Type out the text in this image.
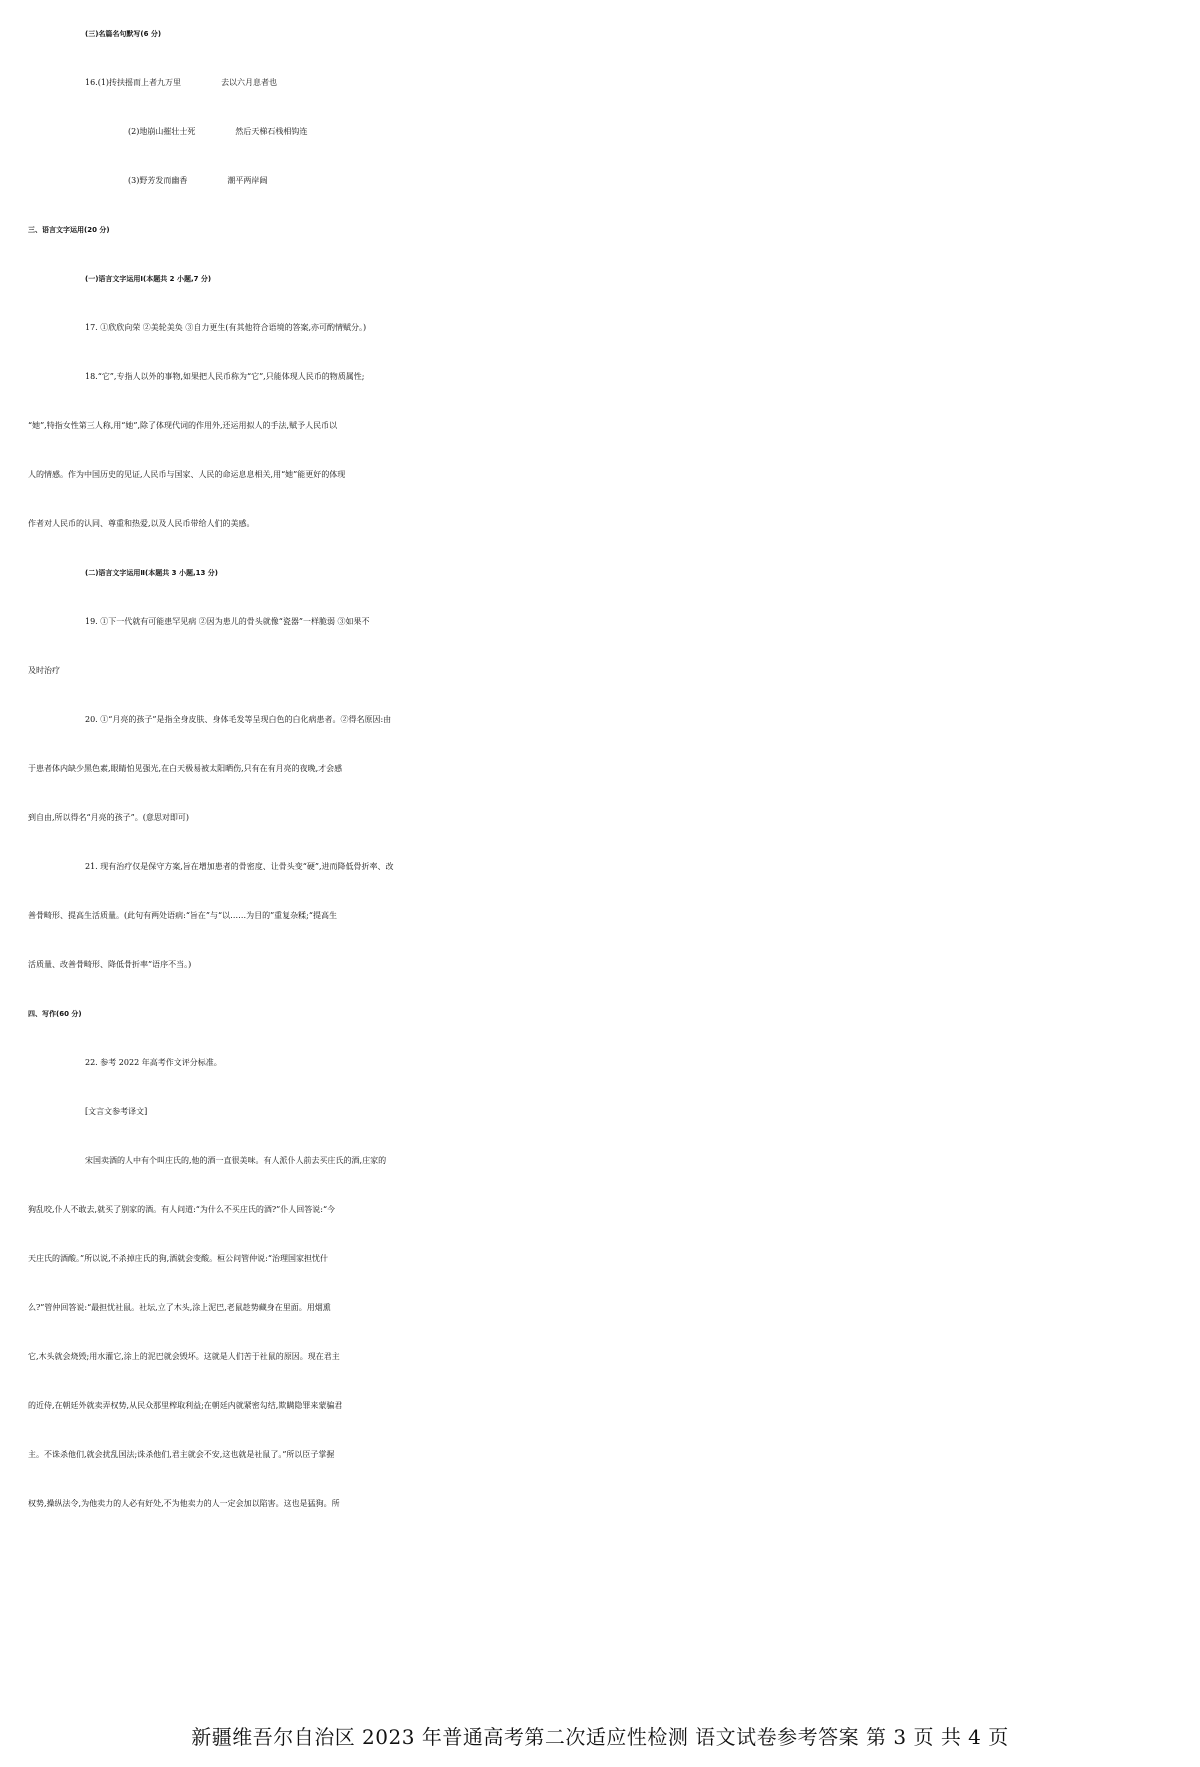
(三)名篇名句默写(6 分)
16.(1)抟扶摇而上者九万里	去以六月息者也
(2)地崩山摧壮士死	然后天梯石栈相钩连
(3)野芳发而幽香	潮平两岸阔
三、语言文字运用(20 分)
(一)语言文字运用Ⅰ(本题共 2 小题,7 分)
17. ①欣欣向荣 ②美轮美奂 ③自力更生(有其他符合语境的答案,亦可酌情赋分。)
18.“它”,专指人以外的事物,如果把人民币称为“它”,只能体现人民币的物质属性;
“她”,特指女性第三人称,用“她”,除了体现代词的作用外,还运用拟人的手法,赋予人民币以
人的情感。作为中国历史的见证,人民币与国家、人民的命运息息相关,用“她”能更好的体现
作者对人民币的认同、尊重和热爱,以及人民币带给人们的美感。
(二)语言文字运用Ⅱ(本题共 3 小题,13 分)
19. ①下一代就有可能患罕见病 ②因为患儿的骨头就像“瓷器”一样脆弱 ③如果不
及时治疗
20. ①“月亮的孩子”是指全身皮肤、身体毛发等呈现白色的白化病患者。②得名原因:由
于患者体内缺少黑色素,眼睛怕见强光,在白天极易被太阳晒伤,只有在有月亮的夜晚,才会感
到自由,所以得名“月亮的孩子”。(意思对即可)
21. 现有治疗仅是保守方案,旨在增加患者的骨密度、让骨头变“硬”,进而降低骨折率、改
善骨畸形、提高生活质量。(此句有两处语病:“旨在”与“以……为目的”重复杂糅;“提高生
活质量、改善骨畸形、降低骨折率”语序不当。)
四、写作(60 分)
22. 参考 2022 年高考作文评分标准。
[文言文参考译文]
宋国卖酒的人中有个叫庄氏的,他的酒一直很美味。有人派仆人前去买庄氏的酒,庄家的
狗乱咬,仆人不敢去,就买了别家的酒。有人问道:“为什么不买庄氏的酒?”仆人回答说:“今
天庄氏的酒酸。”所以说,不杀掉庄氏的狗,酒就会变酸。桓公问管仲说:“治理国家担忧什
么?”管仲回答说:“最担忧社鼠。社坛,立了木头,涂上泥巴,老鼠趁势藏身在里面。用烟熏
它,木头就会烧毁;用水灌它,涂上的泥巴就会毁坏。这就是人们苦于社鼠的原因。现在君主
的近侍,在朝廷外就卖弄权势,从民众那里榨取利益;在朝廷内就紧密勾结,欺瞒隐罪来蒙骗君
主。不诛杀他们,就会扰乱国法;诛杀他们,君主就会不安,这也就是社鼠了。”所以臣子掌握
权势,操纵法令,为他卖力的人必有好处,不为他卖力的人一定会加以陷害。这也是猛狗。所
新疆维吾尔自治区 2023 年普通高考第二次适应性检测 语文试卷参考答案 第 3 页 共 4 页
